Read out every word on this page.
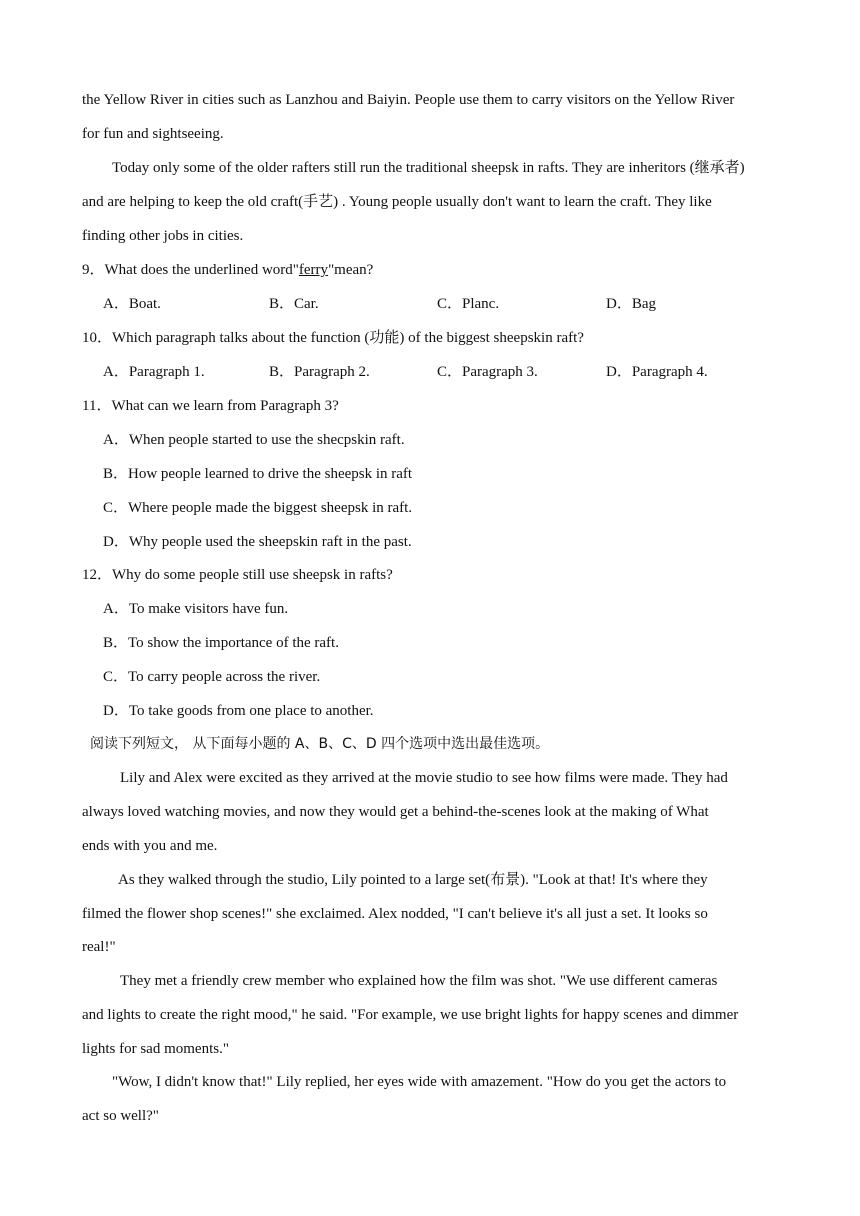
the Yellow River in cities such as Lanzhou and Baiyin. People use them to carry visitors on the Yellow River
for fun and sightseeing.
Today only some of the older rafters still run the traditional sheepsk in rafts. They are inheritors (继承者)
and are helping to keep the old craft(手艺) . Young people usually don't want to learn the craft. They like
finding other jobs in cities.
9．What does the underlined word"ferry"mean?
A．Boat.	B．Car.	C．Planc.	D．Bag
10．Which paragraph talks about the function (功能) of the biggest sheepskin raft?
A．Paragraph 1.	B．Paragraph 2.	C．Paragraph 3.	D．Paragraph 4.
11．What can we learn from Paragraph 3?
A．When people started to use the shecpskin raft.
B．How people learned to drive the sheepsk in raft
C．Where people made the biggest sheepsk in raft.
D．Why people used the sheepskin raft in the past.
12．Why do some people still use sheepsk in rafts?
A．To make visitors have fun.
B．To show the importance of the raft.
C．To carry people across the river.
D．To take goods from one place to another.
阅读下列短文， 从下面每小题的 A、B、C、D 四个选项中选出最佳选项。
Lily and Alex were excited as they arrived at the movie studio to see how films were made. They had
always loved watching movies, and now they would get a behind-the-scenes look at the making of What
ends with you and me.
As they walked through the studio, Lily pointed to a large set(布景). "Look at that! It's where they
filmed the flower shop scenes!" she exclaimed. Alex nodded, "I can't believe it's all just a set. It looks so
real!"
They met a friendly crew member who explained how the film was shot. "We use different cameras
and lights to create the right mood," he said. "For example, we use bright lights for happy scenes and dimmer
lights for sad moments."
"Wow, I didn't know that!" Lily replied, her eyes wide with amazement. "How do you get the actors to
act so well?"
